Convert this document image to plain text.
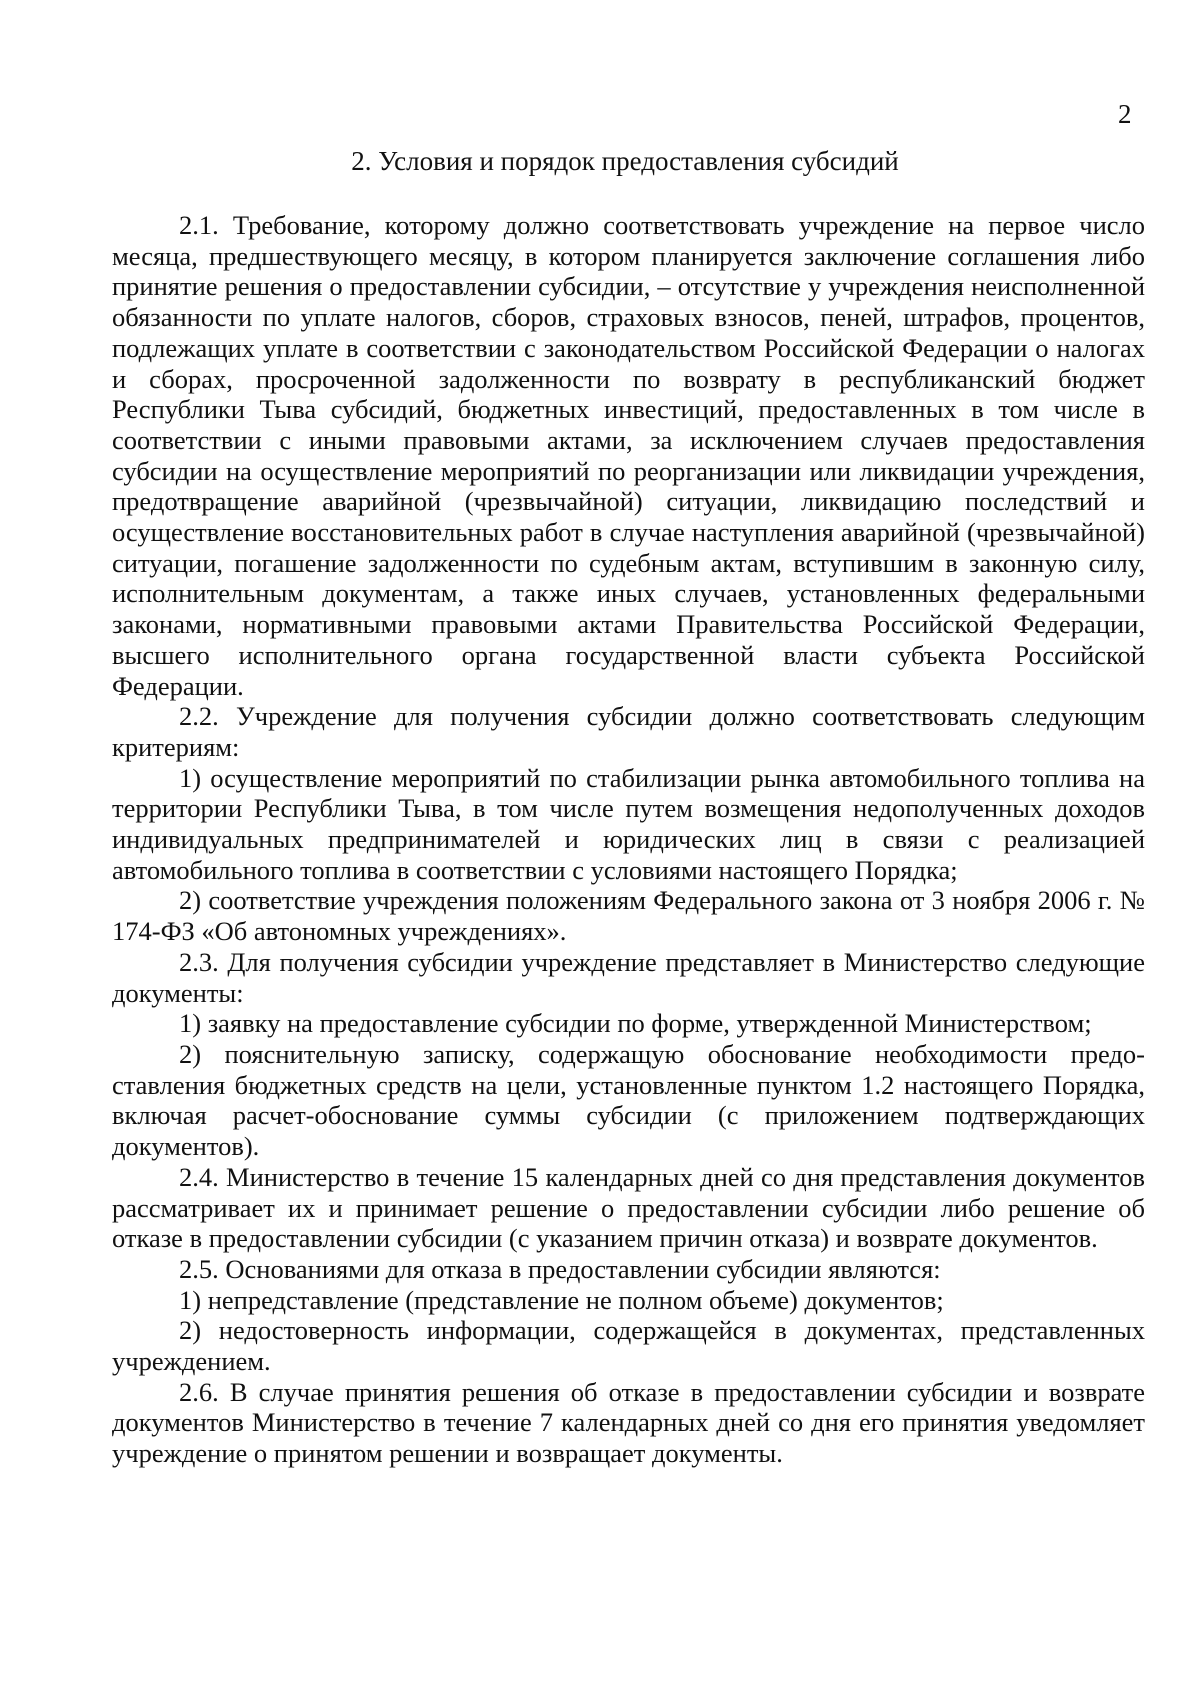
2
2. Условия и порядок предоставления субсидий

2.1. Требование, которому должно соответствовать учреждение на первое число месяца, предшествующего месяцу, в котором планируется заключение соглашения либо принятие решения о предоставлении субсидии, – отсутствие у учреждения неисполненной обязанности по уплате налогов, сборов, страховых взносов, пеней, штрафов, процентов, подлежащих уплате в соответствии с законодательством Российской Федерации о налогах и сборах, просроченной задолженности по возврату в республиканский бюджет Республики Тыва субсидий, бюджетных инвестиций, предоставленных в том числе в соответствии с иными правовыми актами, за исключением случаев предоставления субсидии на осуществление мероприятий по реорганизации или ликвидации учреждения, предотвращение аварийной (чрезвычайной) ситуации, ликвидацию последствий и осуществление восстановительных работ в случае наступления аварийной (чрезвычайной) ситуации, погашение задолженности по судебным актам, вступившим в законную силу, исполнительным документам, а также иных случаев, установленных федеральными законами, нормативными правовыми актами Правительства Российской Федерации, высшего исполнительного органа государственной власти субъекта Российской Федерации.

2.2. Учреждение для получения субсидии должно соответствовать следующим критериям:

1) осуществление мероприятий по стабилизации рынка автомобильного топлива на территории Республики Тыва, в том числе путем возмещения недополученных доходов индивидуальных предпринимателей и юридических лиц в связи с реализацией автомобильного топлива в соответствии с условиями настоящего Порядка;

2) соответствие учреждения положениям Федерального закона от 3 ноября 2006 г. № 174-ФЗ «Об автономных учреждениях».

2.3. Для получения субсидии учреждение представляет в Министерство следующие документы:

1) заявку на предоставление субсидии по форме, утвержденной Министерством;

2) пояснительную записку, содержащую обоснование необходимости предоставления бюджетных средств на цели, установленные пунктом 1.2 настоящего Порядка, включая расчет-обоснование суммы субсидии (с приложением подтверждающих документов).

2.4. Министерство в течение 15 календарных дней со дня представления документов рассматривает их и принимает решение о предоставлении субсидии либо решение об отказе в предоставлении субсидии (с указанием причин отказа) и возврате документов.

2.5. Основаниями для отказа в предоставлении субсидии являются:

1) непредставление (представление не полном объеме) документов;

2) недостоверность информации, содержащейся в документах, представленных учреждением.

2.6. В случае принятия решения об отказе в предоставлении субсидии и возврате документов Министерство в течение 7 календарных дней со дня его принятия уведомляет учреждение о принятом решении и возвращает документы.
